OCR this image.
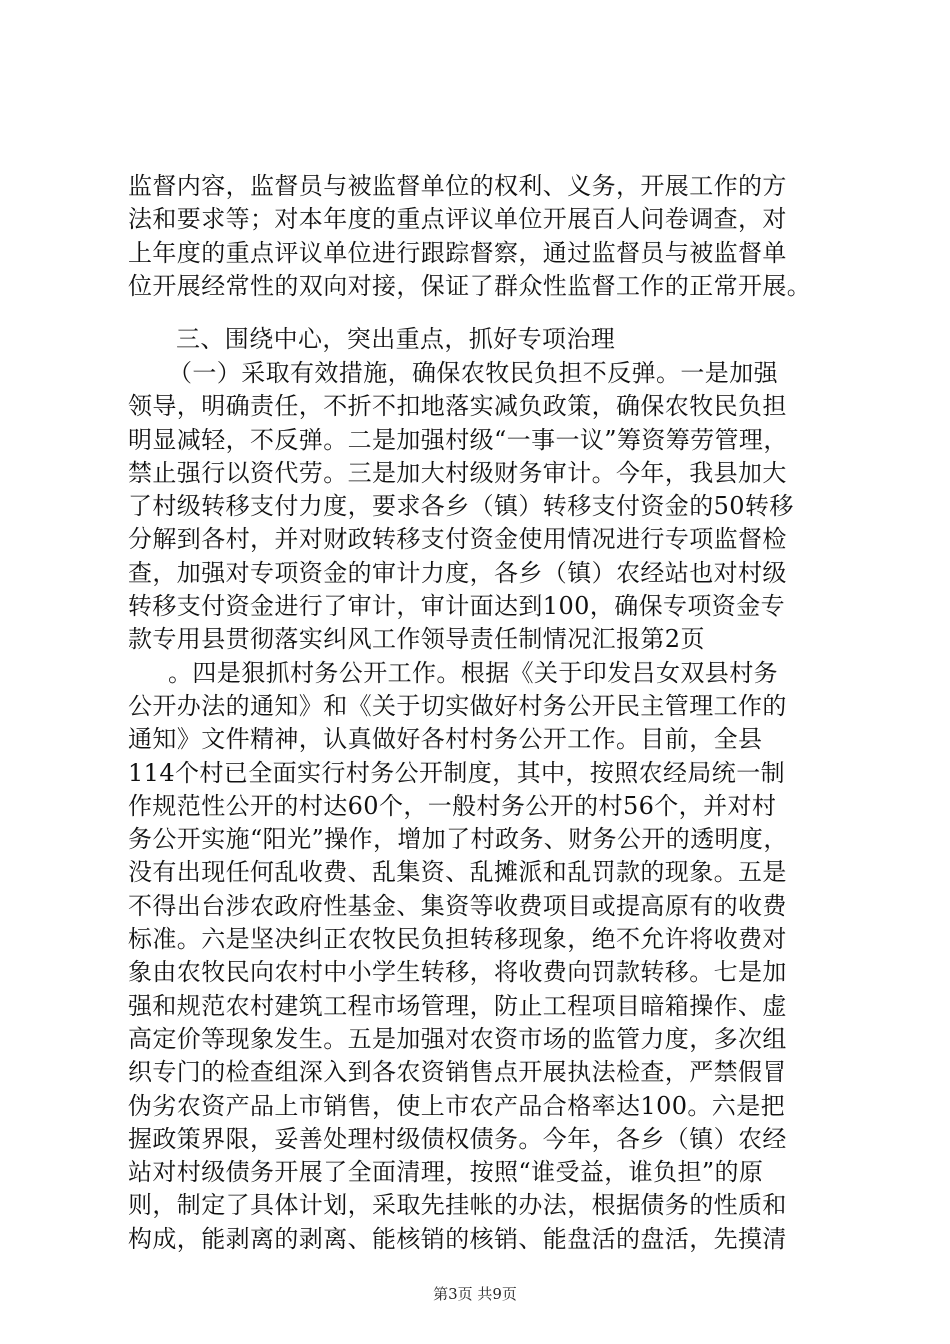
监督内容，监督员与被监督单位的权利、义务，开展工作的方
法和要求等；对本年度的重点评议单位开展百人问卷调查，对
上年度的重点评议单位进行跟踪督察，通过监督员与被监督单
位开展经常性的双向对接，保证了群众性监督工作的正常开展。
三、围绕中心，突出重点，抓好专项治理
（一）采取有效措施，确保农牧民负担不反弹。一是加强
领导，明确责任，不折不扣地落实减负政策，确保农牧民负担
明显减轻，不反弹。二是加强村级“一事一议”筹资筹劳管理，
禁止强行以资代劳。三是加大村级财务审计。今年，我县加大
了村级转移支付力度，要求各乡（镇）转移支付资金的50转移
分解到各村，并对财政转移支付资金使用情况进行专项监督检
查，加强对专项资金的审计力度，各乡（镇）农经站也对村级
转移支付资金进行了审计，审计面达到100，确保专项资金专
款专用县贯彻落实纠风工作领导责任制情况汇报第2页
。四是狠抓村务公开工作。根据《关于印发吕女双县村务
公开办法的通知》和《关于切实做好村务公开民主管理工作的
通知》文件精神，认真做好各村村务公开工作。目前，全县
114个村已全面实行村务公开制度，其中，按照农经局统一制
作规范性公开的村达60个，一般村务公开的村56个，并对村
务公开实施“阳光”操作，增加了村政务、财务公开的透明度，
没有出现任何乱收费、乱集资、乱摊派和乱罚款的现象。五是
不得出台涉农政府性基金、集资等收费项目或提高原有的收费
标准。六是坚决纠正农牧民负担转移现象，绝不允许将收费对
象由农牧民向农村中小学生转移，将收费向罚款转移。七是加
强和规范农村建筑工程市场管理，防止工程项目暗箱操作、虚
高定价等现象发生。五是加强对农资市场的监管力度，多次组
织专门的检查组深入到各农资销售点开展执法检查，严禁假冒
伪劣农资产品上市销售，使上市农产品合格率达100。六是把
握政策界限，妥善处理村级债权债务。今年，各乡（镇）农经
站对村级债务开展了全面清理，按照“谁受益，谁负担”的原
则，制定了具体计划，采取先挂帐的办法，根据债务的性质和
构成，能剥离的剥离、能核销的核销、能盘活的盘活，先摸清
第3页 共9页
